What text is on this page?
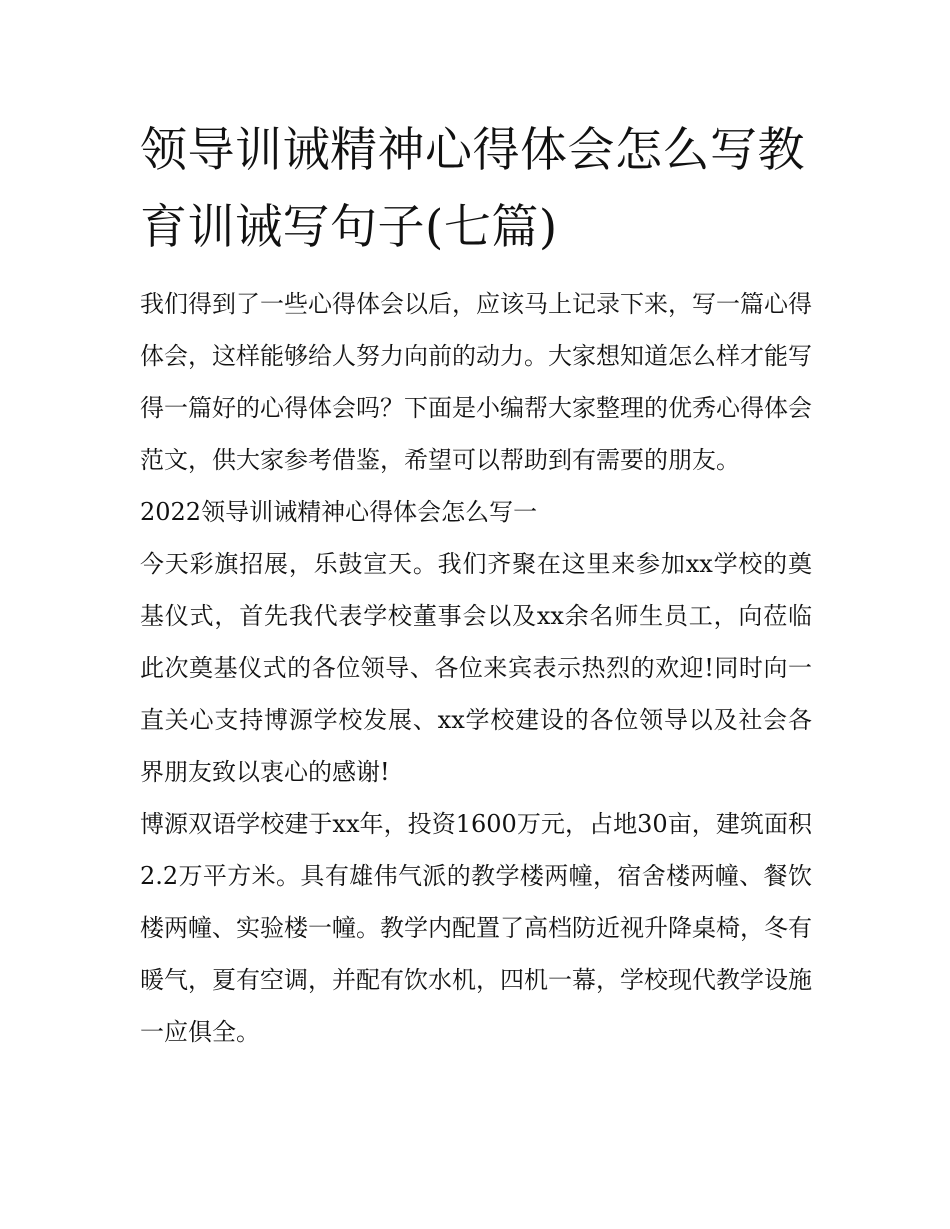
领导训诫精神心得体会怎么写教育训诫写句子(七篇)

我们得到了一些心得体会以后，应该马上记录下来，写一篇心得体会，这样能够给人努力向前的动力。大家想知道怎么样才能写得一篇好的心得体会吗？下面是小编帮大家整理的优秀心得体会范文，供大家参考借鉴，希望可以帮助到有需要的朋友。

2022领导训诫精神心得体会怎么写一

今天彩旗招展，乐鼓宣天。我们齐聚在这里来参加xx学校的奠基仪式，首先我代表学校董事会以及xx余名师生员工，向莅临此次奠基仪式的各位领导、各位来宾表示热烈的欢迎!同时向一直关心支持博源学校发展、xx学校建设的各位领导以及社会各界朋友致以衷心的感谢!

博源双语学校建于xx年，投资1600万元，占地30亩，建筑面积2.2万平方米。具有雄伟气派的教学楼两幢，宿舍楼两幢、餐饮楼两幢、实验楼一幢。教学内配置了高档防近视升降桌椅，冬有暖气，夏有空调，并配有饮水机，四机一幕，学校现代教学设施一应俱全。
